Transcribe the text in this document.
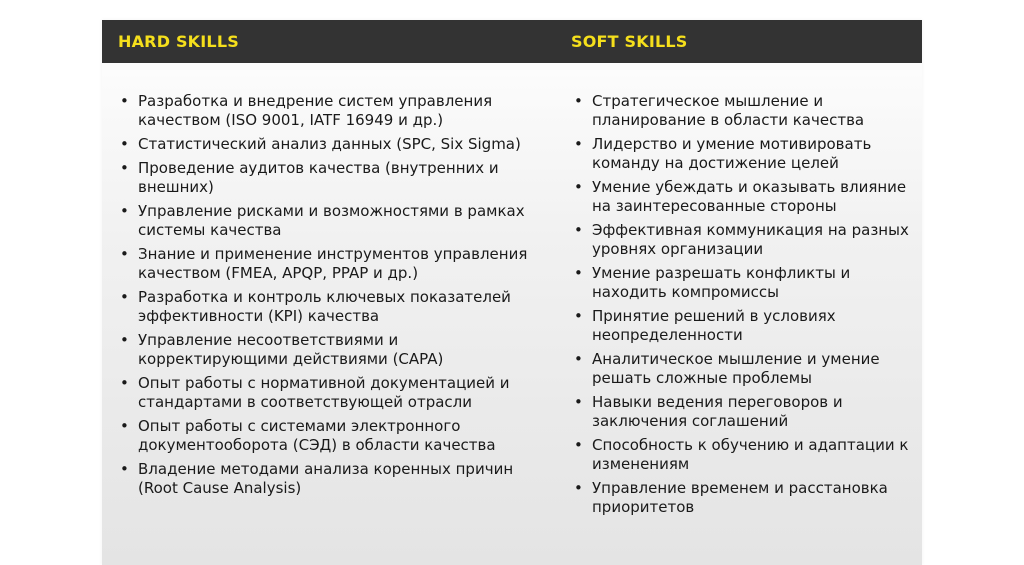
HARD SKILLS	SOFT SKILLS
• Разработка и внедрение систем управления качеством (ISO 9001, IATF 16949 и др.)
• Статистический анализ данных (SPC, Six Sigma)
• Проведение аудитов качества (внутренних и внешних)
• Управление рисками и возможностями в рамках системы качества
• Знание и применение инструментов управления качеством (FMEA, APQP, PPAP и др.)
• Разработка и контроль ключевых показателей эффективности (KPI) качества
• Управление несоответствиями и корректирующими действиями (CAPA)
• Опыт работы с нормативной документацией и стандартами в соответствующей отрасли
• Опыт работы с системами электронного документооборота (СЭД) в области качества
• Владение методами анализа коренных причин (Root Cause Analysis)
• Стратегическое мышление и планирование в области качества
• Лидерство и умение мотивировать команду на достижение целей
• Умение убеждать и оказывать влияние на заинтересованные стороны
• Эффективная коммуникация на разных уровнях организации
• Умение разрешать конфликты и находить компромиссы
• Принятие решений в условиях неопределенности
• Аналитическое мышление и умение решать сложные проблемы
• Навыки ведения переговоров и заключения соглашений
• Способность к обучению и адаптации к изменениям
• Управление временем и расстановка приоритетов
